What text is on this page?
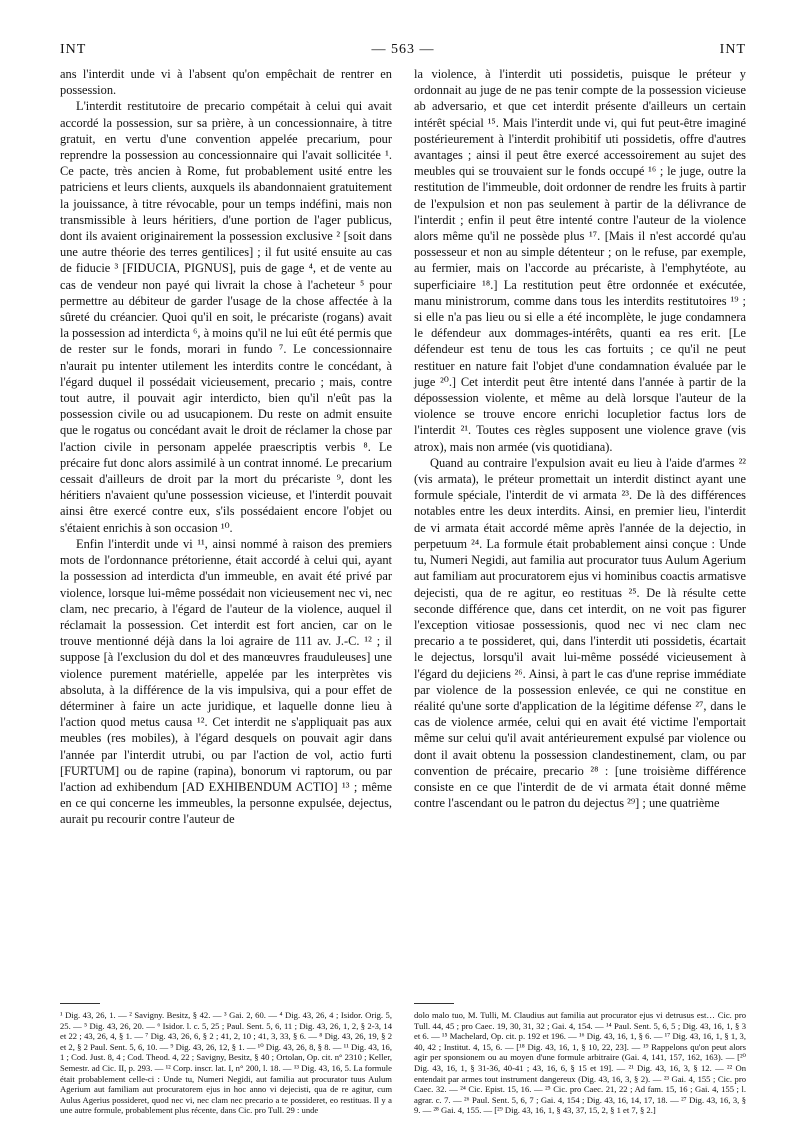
INT	— 563 —	INT

ans l'interdit unde vi à l'absent qu'on empêchait de rentrer en possession.

L'interdit restitutoire de precario compétait à celui qui avait accordé la possession, sur sa prière, à un concessionnaire, à titre gratuit, en vertu d'une convention appelée precarium, pour reprendre la possession au concessionnaire qui l'avait sollicitée ¹. Ce pacte, très ancien à Rome, fut probablement usité entre les patriciens et leurs clients, auxquels ils abandonnaient gratuitement la jouissance, à titre révocable, pour un temps indéfini, mais non transmissible à leurs héritiers, d'une portion de l'ager publicus, dont ils avaient originairement la possession exclusive ² [soit dans une autre théorie des terres gentilices] ; il fut usité ensuite au cas de fiducie ³ [FIDUCIA, PIGNUS], puis de gage ⁴, et de vente au cas de vendeur non payé qui livrait la chose à l'acheteur ⁵ pour permettre au débiteur de garder l'usage de la chose affectée à la sûreté du créancier. Quoi qu'il en soit, le précariste (rogans) avait la possession ad interdicta ⁶, à moins qu'il ne lui eût été permis que de rester sur le fonds, morari in fundo ⁷. Le concessionnaire n'aurait pu intenter utilement les interdits contre le concédant, à l'égard duquel il possédait vicieusement, precario ; mais, contre tout autre, il pouvait agir interdicto, bien qu'il n'eût pas la possession civile ou ad usucapionem. Du reste on admit ensuite que le rogatus ou concédant avait le droit de réclamer la chose par l'action civile in personam appelée praescriptis verbis ⁸. Le précaire fut donc alors assimilé à un contrat innomé. Le precarium cessait d'ailleurs de droit par la mort du précariste ⁹, dont les héritiers n'avaient qu'une possession vicieuse, et l'interdit pouvait ainsi être exercé contre eux, s'ils possédaient encore l'objet ou s'étaient enrichis à son occasion ¹⁰.

Enfin l'interdit unde vi ¹¹, ainsi nommé à raison des premiers mots de l'ordonnance prétorienne, était accordé à celui qui, ayant la possession ad interdicta d'un immeuble, en avait été privé par violence, lorsque lui-même possédait non vicieusement nec vi, nec clam, nec precario, à l'égard de l'auteur de la violence, auquel il réclamait la possession. Cet interdit est fort ancien, car on le trouve mentionné déjà dans la loi agraire de 111 av. J.-C. ¹² ; il suppose [à l'exclusion du dol et des manœuvres frauduleuses] une violence purement matérielle, appelée par les interprètes vis absoluta, à la différence de la vis impulsiva, qui a pour effet de déterminer à faire un acte juridique, et laquelle donne lieu à l'action quod metus causa ¹². Cet interdit ne s'appliquait pas aux meubles (res mobiles), à l'égard desquels on pouvait agir dans l'année par l'interdit utrubi, ou par l'action de vol, actio furti [FURTUM] ou de rapine (rapina), bonorum vi raptorum, ou par l'action ad exhibendum [AD EXHIBENDUM ACTIO] ¹³ ; même en ce qui concerne les immeubles, la personne expulsée, dejectus, aurait pu recourir contre l'auteur de

la violence, à l'interdit uti possidetis, puisque le préteur y ordonnait au juge de ne pas tenir compte de la possession vicieuse ab adversario, et que cet interdit présente d'ailleurs un certain intérêt spécial ¹⁵. Mais l'interdit unde vi, qui fut peut-être imaginé postérieurement à l'interdit prohibitif uti possidetis, offre d'autres avantages ; ainsi il peut être exercé accessoirement au sujet des meubles qui se trouvaient sur le fonds occupé ¹⁶ ; le juge, outre la restitution de l'immeuble, doit ordonner de rendre les fruits à partir de l'expulsion et non pas seulement à partir de la délivrance de l'interdit ; enfin il peut être intenté contre l'auteur de la violence alors même qu'il ne possède plus ¹⁷. [Mais il n'est accordé qu'au possesseur et non au simple détenteur ; on le refuse, par exemple, au fermier, mais on l'accorde au précariste, à l'emphytéote, au superficiaire ¹⁸.] La restitution peut être ordonnée et exécutée, manu ministrorum, comme dans tous les interdits restitutoires ¹⁹ ; si elle n'a pas lieu ou si elle a été incomplète, le juge condamnera le défendeur aux dommages-intérêts, quanti ea res erit. [Le défendeur est tenu de tous les cas fortuits ; ce qu'il ne peut restituer en nature fait l'objet d'une condamnation évaluée par le juge ²⁰.] Cet interdit peut être intenté dans l'année à partir de la dépossession violente, et même au delà lorsque l'auteur de la violence se trouve encore enrichi locupletior factus lors de l'interdit ²¹. Toutes ces règles supposent une violence grave (vis atrox), mais non armée (vis quotidiana).

Quand au contraire l'expulsion avait eu lieu à l'aide d'armes ²² (vis armata), le préteur promettait un interdit distinct ayant une formule spéciale, l'interdit de vi armata ²³. De là des différences notables entre les deux interdits. Ainsi, en premier lieu, l'interdit de vi armata était accordé même après l'année de la dejectio, in perpetuum ²⁴. La formule était probablement ainsi conçue : Unde tu, Numeri Negidi, aut familia aut procurator tuus Aulum Agerium aut familiam aut procuratorem ejus vi hominibus coactis armatisve dejecisti, qua de re agitur, eo restituas ²⁵. De là résulte cette seconde différence que, dans cet interdit, on ne voit pas figurer l'exception vitiosae possessionis, quod nec vi nec clam nec precario a te possideret, qui, dans l'interdit uti possidetis, écartait le dejectus, lorsqu'il avait lui-même possédé vicieusement à l'égard du dejiciens ²⁶. Ainsi, à part le cas d'une reprise immédiate par violence de la possession enlevée, ce qui ne constitue en réalité qu'une sorte d'application de la légitime défense ²⁷, dans le cas de violence armée, celui qui en avait été victime l'emportait même sur celui qu'il avait antérieurement expulsé par violence ou dont il avait obtenu la possession clandestinement, clam, ou par convention de précaire, precario ²⁸ : [une troisième différence consiste en ce que l'interdit de de vi armata était donné même contre l'ascendant ou le patron du dejectus ²⁹] ; une quatrième

¹ Dig. 43, 26, 1. — ² Savigny. Besitz, § 42. — ³ Gai. 2, 60. — ⁴ Dig. 43, 26, 4 ; Isidor. Orig. 5, 25. — ⁵ Dig. 43, 26, 20. — ⁶ Isidor. l. c. 5, 25 ; Paul. Sent. 5, 6, 11 ; Dig. 43, 26, 1, 2, § 2-3, 14 et 22 ; 43, 26, 4, § 1. — ⁷ Dig. 43, 26, 6, § 2 ; 41, 2, 10 ; 41, 3, 33, § 6. — ⁸ Dig. 43, 26, 19, § 2 et 2, § 2 Paul. Sent. 5, 6, 10. — ⁹ Dig. 43, 26, 12, § 1. — ¹⁰ Dig. 43, 26, 8, § 8. — ¹¹ Dig. 43, 16, 1 ; Cod. Just. 8, 4 ; Cod. Theod. 4, 22 ; Savigny, Besitz, § 40 ; Ortolan, Op. cit. n° 2310 ; Keller, Semestr. ad Cic. II, p. 293. — ¹² Corp. inscr. lat. I, n° 200, l. 18. — ¹³ Dig. 43, 16, 5. La formule était probablement celle-ci : Unde tu, Numeri Negidi, aut familia aut procurator tuus Aulum Agerium aut familiam aut procuratorem ejus in hoc anno vi dejecisti, qua de re agitur, cum Aulus Agerius possideret, quod nec vi, nec clam nec precario a te possideret, eo restituas. Il y a une autre formule, probablement plus récente, dans Cic. pro Tull. 29 : unde

dolo malo tuo, M. Tulli, M. Claudius aut familia aut procurator ejus vi detrusus est… Cic. pro Tull. 44, 45 ; pro Caec. 19, 30, 31, 32 ; Gai. 4, 154. — ¹⁴ Paul. Sent. 5, 6, 5 ; Dig. 43, 16, 1, § 3 et 6. — ¹⁵ Machelard, Op. cit. p. 192 et 196. — ¹⁶ Dig. 43, 16, 1, § 6. — ¹⁷ Dig. 43, 16, 1, § 1, 3, 40, 42 ; Institut. 4, 15, 6. — [¹⁸ Dig. 43, 16, 1, § 10, 22, 23]. — ¹⁹ Rappelons qu'on peut alors agir per sponsionem ou au moyen d'une formule arbitraire (Gai. 4, 141, 157, 162, 163). — [²⁰ Dig. 43, 16, 1, § 31-36, 40-41 ; 43, 16, 6, § 15 et 19]. — ²¹ Dig. 43, 16, 3, § 12. — ²² On entendait par armes tout instrument dangereux (Dig. 43, 16, 3, § 2). — ²³ Gai. 4, 155 ; Cic. pro Caec. 32. — ²⁴ Cic. Epist. 15, 16. — ²⁵ Cic. pro Caec. 21, 22 ; Ad fam. 15, 16 ; Gai. 4, 155 ; l. agrar. c. 7. — ²⁶ Paul. Sent. 5, 6, 7 ; Gai. 4, 154 ; Dig. 43, 16, 14, 17, 18. — ²⁷ Dig. 43, 16, 3, § 9. — ²⁸ Gai. 4, 155. — [²⁹ Dig. 43, 16, 1, § 43, 37, 15, 2, § 1 et 7, § 2.]
